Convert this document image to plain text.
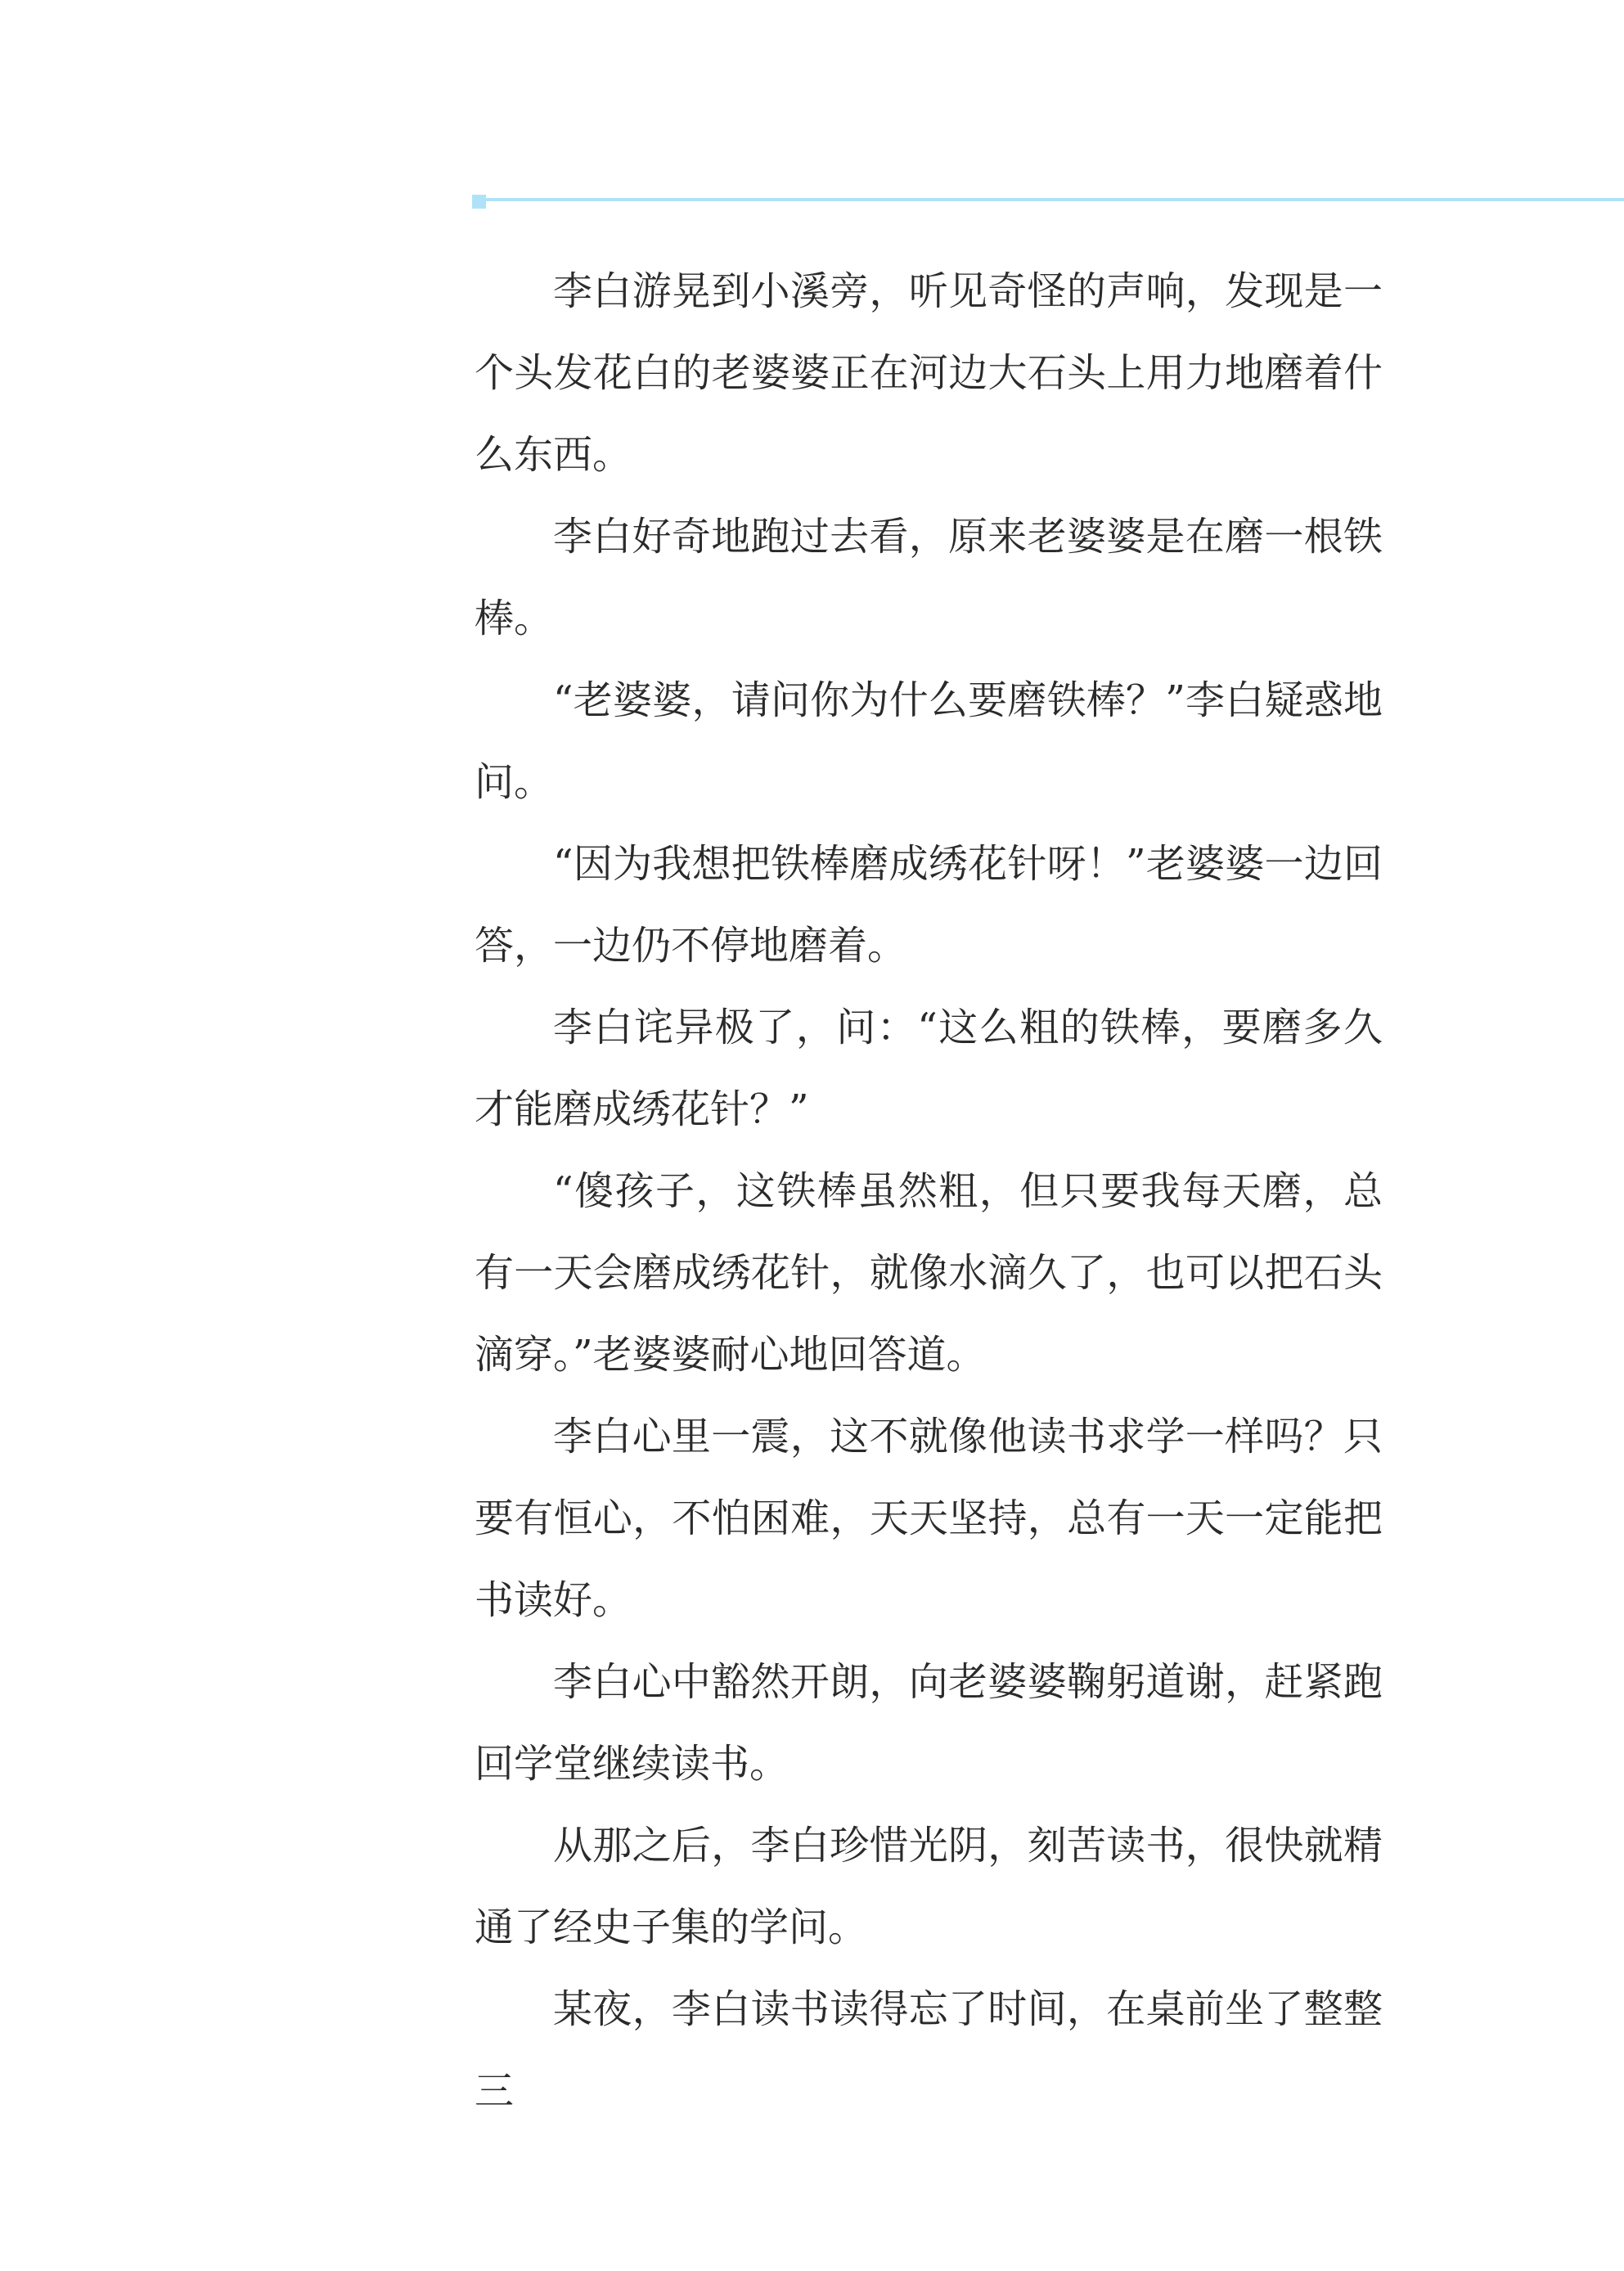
李白游晃到小溪旁，听见奇怪的声响，发现是一个头发花白的老婆婆正在河边大石头上用力地磨着什么东西。

李白好奇地跑过去看，原来老婆婆是在磨一根铁棒。

“老婆婆，请问你为什么要磨铁棒？”李白疑惑地问。

“因为我想把铁棒磨成绣花针呀！”老婆婆一边回答，一边仍不停地磨着。

李白诧异极了，问：“这么粗的铁棒，要磨多久才能磨成绣花针？”

“傻孩子，这铁棒虽然粗，但只要我每天磨，总有一天会磨成绣花针，就像水滴久了，也可以把石头滴穿。”老婆婆耐心地回答道。

李白心里一震，这不就像他读书求学一样吗？只要有恒心，不怕困难，天天坚持，总有一天一定能把书读好。

李白心中豁然开朗，向老婆婆鞠躬道谢，赶紧跑回学堂继续读书。

从那之后，李白珍惜光阴，刻苦读书，很快就精通了经史子集的学问。

某夜，李白读书读得忘了时间，在桌前坐了整整三
